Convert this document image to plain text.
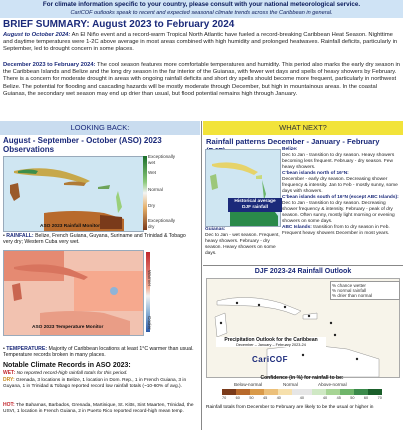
For climate information specific to your country, please consult with your national meteorological service.
CariCOF outlooks speak to recent and expected seasonal climate trends across the Caribbean in general.
BRIEF SUMMARY: August 2023 to February 2024
August to October 2024: An El Niño event and a record-warm Tropical North Atlantic have fueled a record-breaking Caribbean Heat Season. Nighttime and daytime temperatures were 1-2C above average in most areas combined with high humidity and prolonged heatwaves. Rainfall deficits, particularly in September, led to drought concern in some places.
December 2023 to February 2024: The cool season features more comfortable temperatures and humidity. This period also marks the early dry season in the Caribbean Islands and Belize and the long dry season in the far interior of the Guianas, with fewer wet days and spells of heavy showers by February. There is a concern for moderate drought in areas with ongoing rainfall deficits and short dry spells should become more frequent, particularly in northwest Belize. The potential for flooding and cascading hazards will be mostly moderate through December, but high in mountainous areas. In the coastal Guianas, the secondary wet season may end up drier than usual, but flood potential remains high through January.
LOOKING BACK:	WHAT NEXT?
August - September - October (ASO) 2023 Observations
Exceptionally wet
Wet
Normal
Dry
Exceptionally dry
ASO 2023 Rainfall Monitor
• RAINFALL: Belize, French Guiana, Guyana, Suriname and Trinidad & Tobago very dry; Western Cuba very wet.
Warmer
Cooler
ASO 2023 Temperature Monitor
• TEMPERATURE: Majority of Caribbean locations at least 1°C warmer than usual. Temperature records broken in many places.
Notable Climate Records in ASO 2023:
WET: No reported record-high rainfall totals for this period.
DRY: Grenada, 3 locations in Belize, 1 location in Dom. Rep., 1 in French Guiana, 3 in Guyana, 1 in Trinidad & Tobago reported record low rainfall totals (~10-60% of avg.).
HOT: The Bahamas, Barbados, Grenada, Martinique, St. Kitts, Sint Maarten, Trinidad, the USVI, 1 location in French Guiana, 2 in Puerto Rico reported record-high mean temp.
Rainfall patterns December - January - February
Historical average DJF rainfall
Belize:
Dec to Jan - transition to dry season. Heavy showers becoming less frequent. February - dry season. Few heavy showers.
C'bean islands north of 16°N:
December - early dry season. Decreasing shower frequency & intensity. Jan to Feb - mostly sunny, some days with showers.
C'bean islands south of 16°N (except ABC Islands):
Dec to Jan - transition to dry season. Decreasing shower frequency & intensity. February - peak of dry season. Often sunny, mostly light morning or evening showers on some days.
ABC Islands: transition from to dry season in Feb. Frequent heavy showers December in most years.
Guianas:
Dec to Jan - wet season. Frequent, heavy showers. February - dry season. Heavy showers on some days.
DJF 2023-24 Rainfall Outlook
% chance wetter
% normal rainfall
% drier than normal
Precipitation Outlook for the Caribbean
December – January – February 2023-24
CariCOF
Confidence (in %) for rainfall to be:
Below-normal	Normal	Above-normal
70 60 50 45 40	40	40 45 50 60 70
Rainfall totals from December to February are likely to be the usual or higher in
